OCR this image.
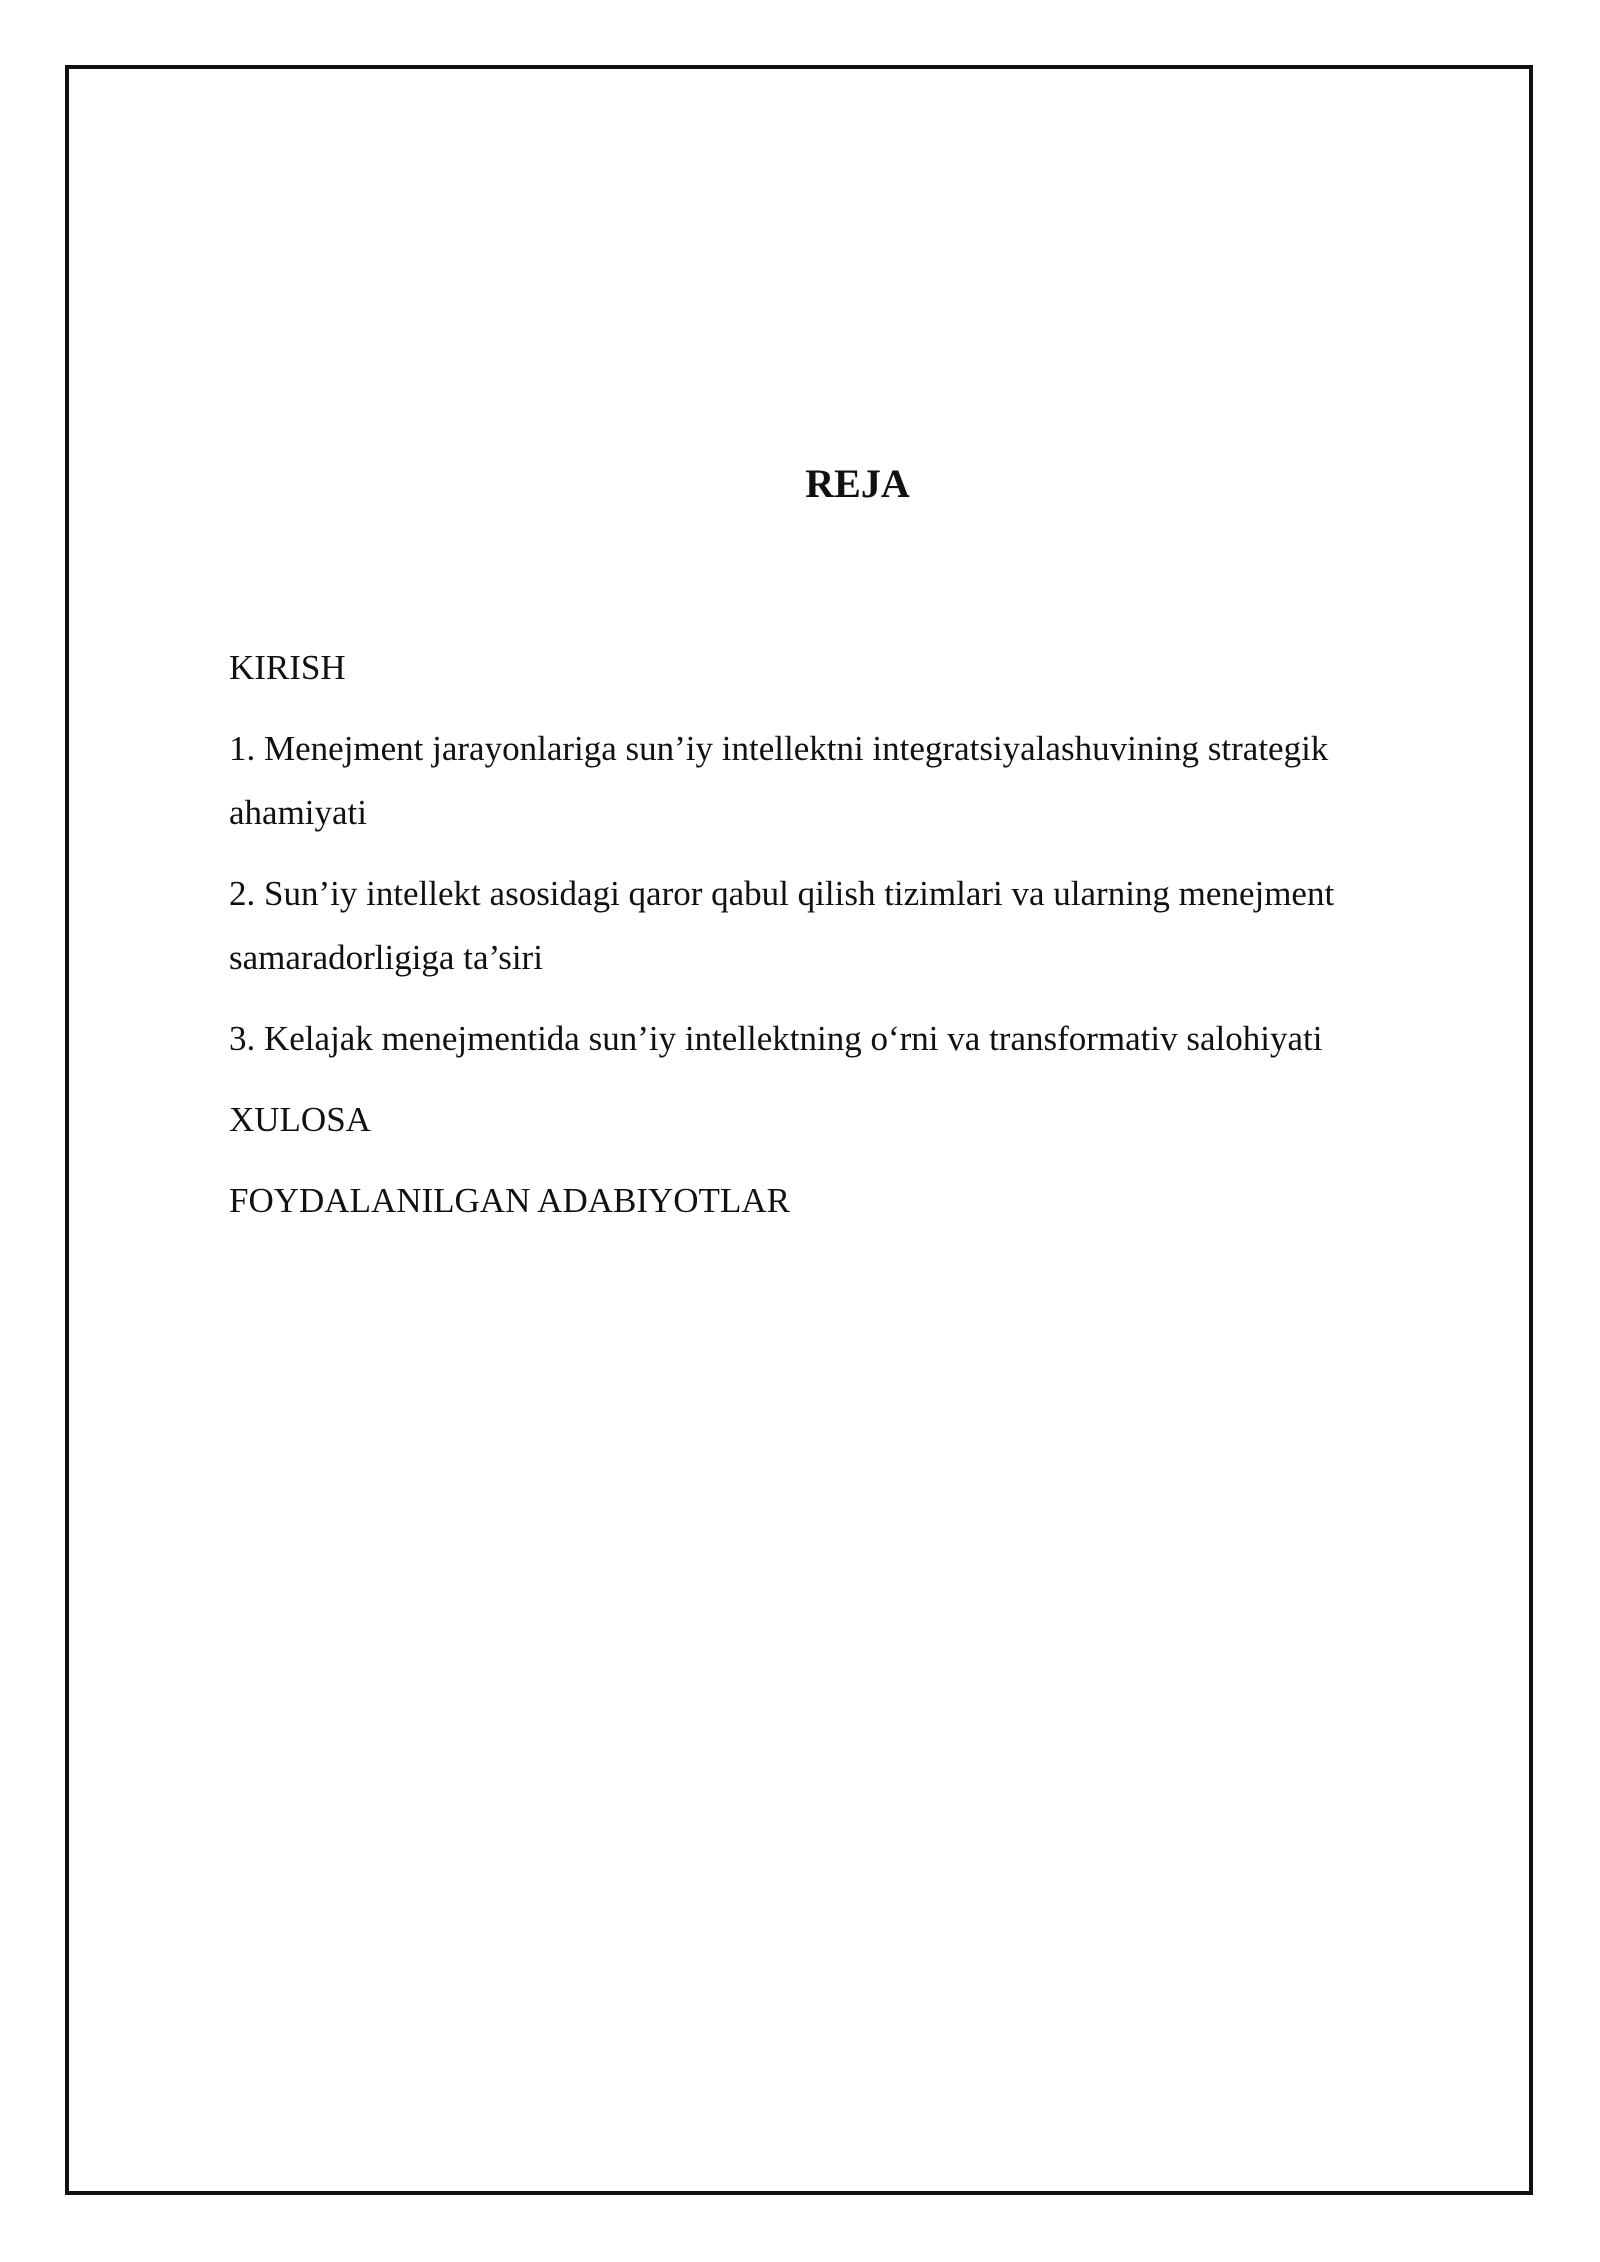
REJA

KIRISH

1. Menejment jarayonlariga sun’iy intellektni integratsiyalashuvining strategik ahamiyati

2. Sun’iy intellekt asosidagi qaror qabul qilish tizimlari va ularning menejment samaradorligiga ta’siri

3. Kelajak menejmentida sun’iy intellektning o‘rni va transformativ salohiyati

XULOSA

FOYDALANILGAN ADABIYOTLAR
